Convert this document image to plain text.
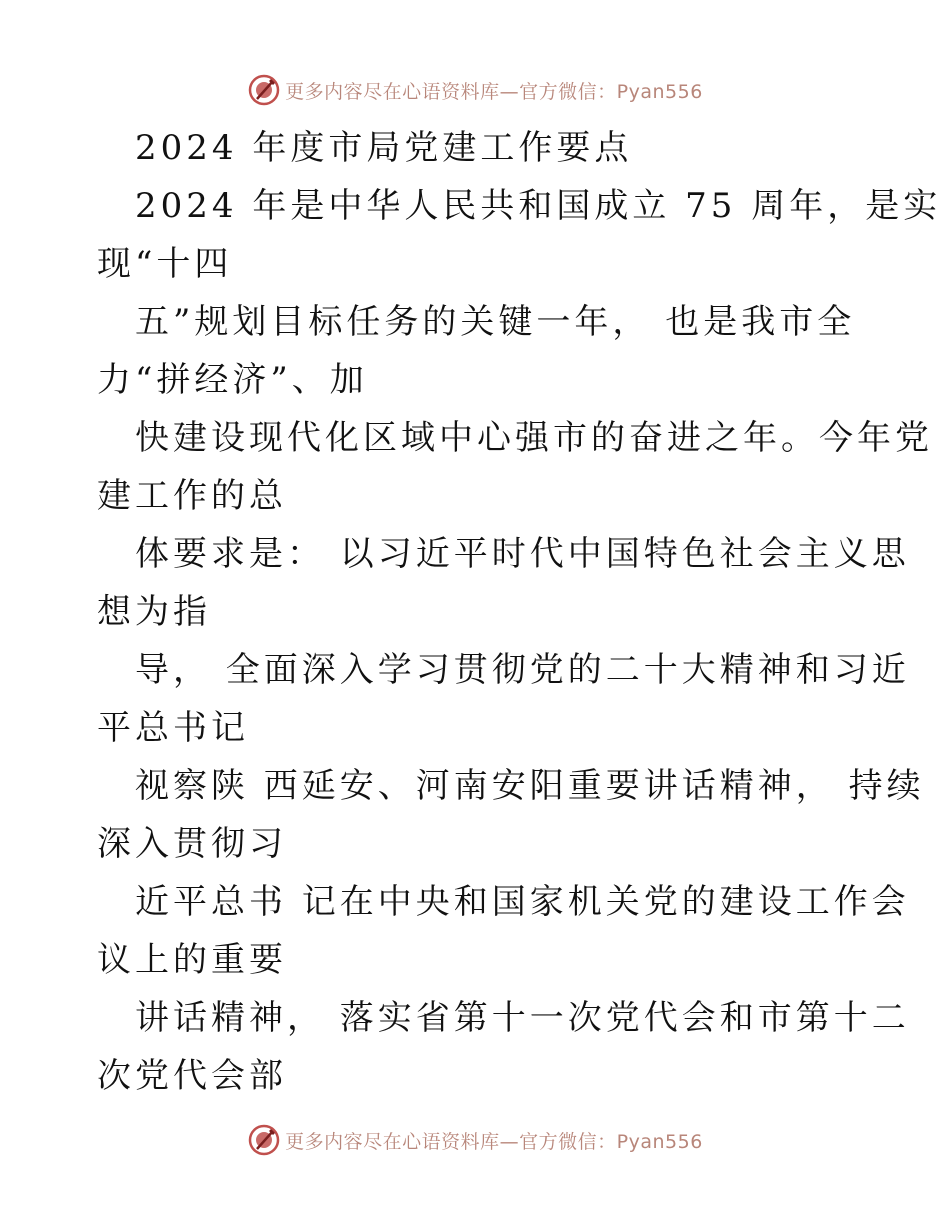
更多内容尽在心语资料库—官方微信：Pyan556
2024 年度市局党建工作要点
2024 年是中华人民共和国成立 75 周年，是实
现“十四
五”规划目标任务的关键一年， 也是我市全
力“拼经济”、加
快建设现代化区域中心强市的奋进之年。今年党
建工作的总
体要求是： 以习近平时代中国特色社会主义思
想为指
导， 全面深入学习贯彻党的二十大精神和习近
平总书记
视察陕 西延安、河南安阳重要讲话精神， 持续
深入贯彻习
近平总书 记在中央和国家机关党的建设工作会
议上的重要
讲话精神， 落实省第十一次党代会和市第十二
次党代会部
更多内容尽在心语资料库—官方微信：Pyan556
